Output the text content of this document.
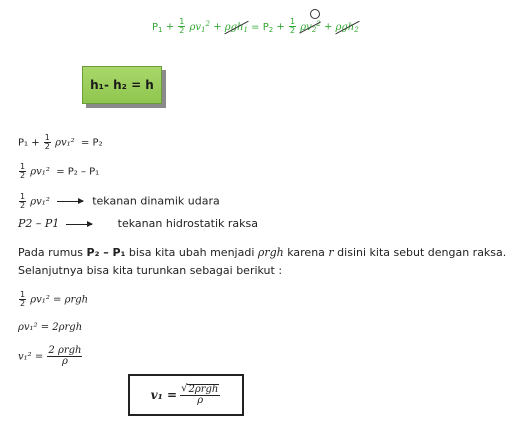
$P_1 + \frac{1}{2} \rho v_1^2 + \rho gh_1 = P_2 + \frac{1}{2} \rho v_2^2 + \rho gh_2$
h₁- h₂ = h
$P_1 + \frac{1}{2} \rho v_1^2 = P_2$
$\frac{1}{2} \rho v_1^2 = P_2 - P_1$
$\frac{1}{2} \rho v_1^2$	tekanan dinamik udara
P2 – P1	tekanan hidrostatik raksa
Pada rumus P₂ – P₁ bisa kita ubah menjadi ρrgh karena r disini kita sebut dengan raksa.
Selanjutnya bisa kita turunkan sebagai berikut :
$\frac{1}{2} \rho v_1^2 = \rho rgh$
ρv₁² = 2ρrgh
$v_1^2 = \frac{\text{2 ρrgh}}{\rho}$
$v_1 = \frac{\text{√ 2ρrgh}}{\rho}$
